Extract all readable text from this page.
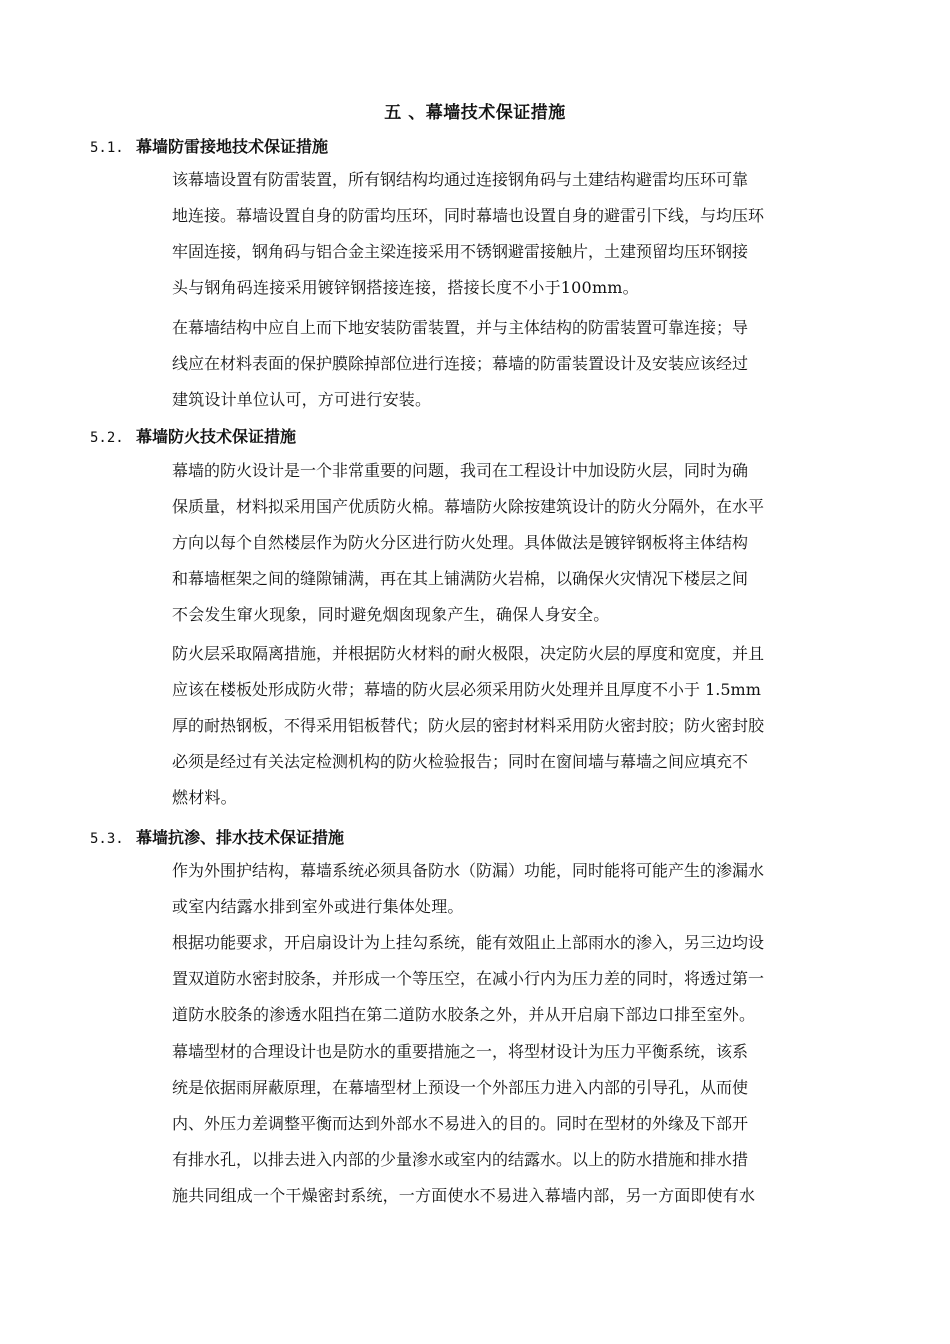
五 、幕墙技术保证措施
5.1. 幕墙防雷接地技术保证措施
该幕墙设置有防雷装置，所有钢结构均通过连接钢角码与土建结构避雷均压环可靠
地连接。幕墙设置自身的防雷均压环，同时幕墙也设置自身的避雷引下线，与均压环
牢固连接，钢角码与铝合金主梁连接采用不锈钢避雷接触片，土建预留均压环钢接
头与钢角码连接采用镀锌钢搭接连接，搭接长度不小于100mm。
在幕墙结构中应自上而下地安装防雷装置，并与主体结构的防雷装置可靠连接；导
线应在材料表面的保护膜除掉部位进行连接；幕墙的防雷装置设计及安装应该经过
建筑设计单位认可，方可进行安装。
5.2. 幕墙防火技术保证措施
幕墙的防火设计是一个非常重要的问题，我司在工程设计中加设防火层，同时为确
保质量，材料拟采用国产优质防火棉。幕墙防火除按建筑设计的防火分隔外，在水平
方向以每个自然楼层作为防火分区进行防火处理。具体做法是镀锌钢板将主体结构
和幕墙框架之间的缝隙铺满，再在其上铺满防火岩棉，以确保火灾情况下楼层之间
不会发生窜火现象，同时避免烟囱现象产生，确保人身安全。
防火层采取隔离措施，并根据防火材料的耐火极限，决定防火层的厚度和宽度，并且
应该在楼板处形成防火带；幕墙的防火层必须采用防火处理并且厚度不小于 1.5mm
厚的耐热钢板，不得采用铝板替代；防火层的密封材料采用防火密封胶；防火密封胶
必须是经过有关法定检测机构的防火检验报告；同时在窗间墙与幕墙之间应填充不
燃材料。
5.3. 幕墙抗渗、排水技术保证措施
作为外围护结构，幕墙系统必须具备防水（防漏）功能，同时能将可能产生的渗漏水
或室内结露水排到室外或进行集体处理。
根据功能要求，开启扇设计为上挂勾系统，能有效阻止上部雨水的渗入，另三边均设
置双道防水密封胶条，并形成一个等压空，在减小行内为压力差的同时，将透过第一
道防水胶条的渗透水阻挡在第二道防水胶条之外，并从开启扇下部边口排至室外。
幕墙型材的合理设计也是防水的重要措施之一，将型材设计为压力平衡系统，该系
统是依据雨屏蔽原理，在幕墙型材上预设一个外部压力进入内部的引导孔，从而使
内、外压力差调整平衡而达到外部水不易进入的目的。同时在型材的外缘及下部开
有排水孔，以排去进入内部的少量渗水或室内的结露水。以上的防水措施和排水措
施共同组成一个干燥密封系统，一方面使水不易进入幕墙内部，另一方面即使有水
